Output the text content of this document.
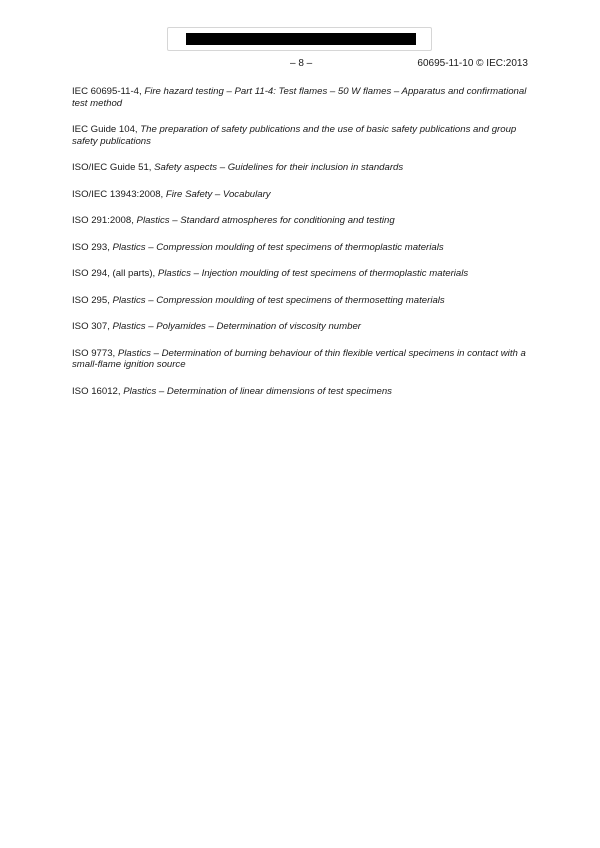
– 8 –	60695-11-10 © IEC:2013

IEC 60695-11-4, Fire hazard testing – Part 11-4: Test flames – 50 W flames – Apparatus and confirmational test method

IEC Guide 104, The preparation of safety publications and the use of basic safety publications and group safety publications

ISO/IEC Guide 51, Safety aspects – Guidelines for their inclusion in standards

ISO/IEC 13943:2008, Fire Safety – Vocabulary

ISO 291:2008, Plastics – Standard atmospheres for conditioning and testing

ISO 293, Plastics – Compression moulding of test specimens of thermoplastic materials

ISO 294, (all parts), Plastics – Injection moulding of test specimens of thermoplastic materials

ISO 295, Plastics – Compression moulding of test specimens of thermosetting materials

ISO 307, Plastics – Polyamides – Determination of viscosity number

ISO 9773, Plastics – Determination of burning behaviour of thin flexible vertical specimens in contact with a small-flame ignition source

ISO 16012, Plastics – Determination of linear dimensions of test specimens
